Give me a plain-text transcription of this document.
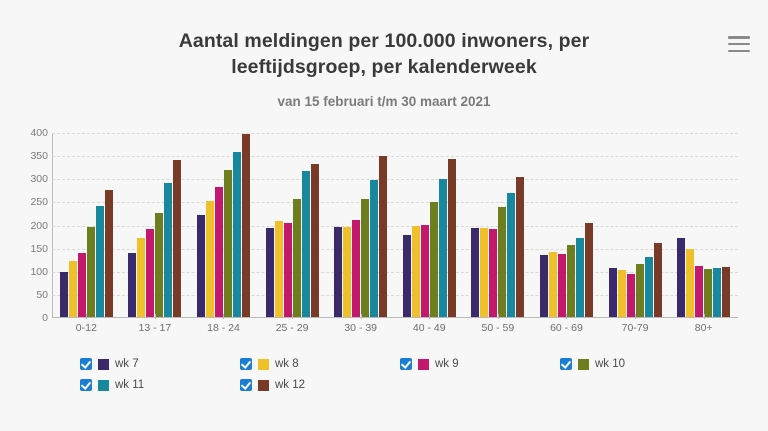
Aantal meldingen per 100.000 inwoners, per leeftijdsgroep, per kalenderweek
van 15 februari t/m 30 maart 2021
0
50
100
150
200
250
300
350
400
0-12	13 - 17	18 - 24	25 - 29	30 - 39	40 - 49	50 - 59	60 - 69	70-79	80+
wk 7	wk 8	wk 9	wk 10
wk 11	wk 12
